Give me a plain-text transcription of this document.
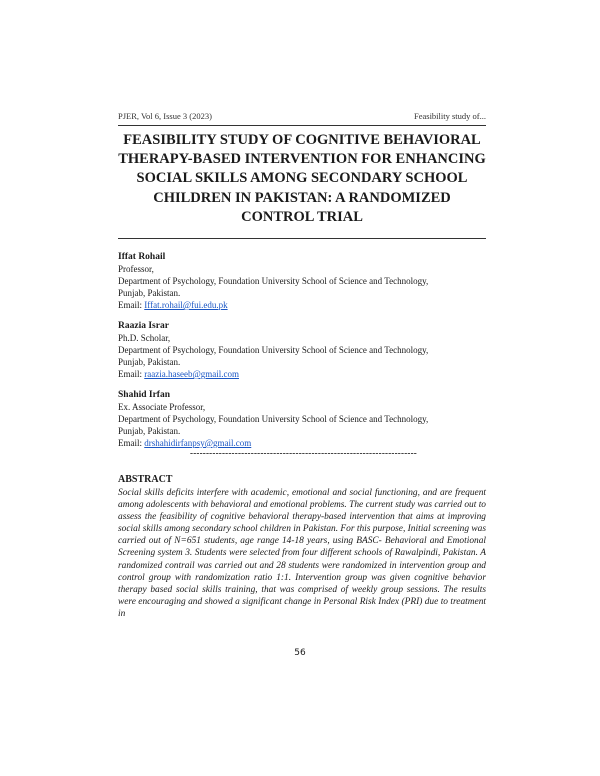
PJER, Vol 6, Issue 3 (2023)	Feasibility study of...
FEASIBILITY STUDY OF COGNITIVE BEHAVIORAL THERAPY-BASED INTERVENTION FOR ENHANCING SOCIAL SKILLS AMONG SECONDARY SCHOOL CHILDREN IN PAKISTAN: A RANDOMIZED CONTROL TRIAL
Iffat Rohail
Professor,
Department of Psychology, Foundation University School of Science and Technology,
Punjab, Pakistan.
Email: Iffat.rohail@fui.edu.pk
Raazia Israr
Ph.D. Scholar,
Department of Psychology, Foundation University School of Science and Technology,
Punjab, Pakistan.
Email: raazia.haseeb@gmail.com
Shahid Irfan
Ex. Associate Professor,
Department of Psychology, Foundation University School of Science and Technology,
Punjab, Pakistan.
Email: drshahidirfanpsy@gmail.com
-----------------------------------------------------------------------
ABSTRACT

Social skills deficits interfere with academic, emotional and social functioning, and are frequent among adolescents with behavioral and emotional problems. The current study was carried out to assess the feasibility of cognitive behavioral therapy-based intervention that aims at improving social skills among secondary school children in Pakistan. For this purpose, Initial screening was carried out of N=651 students, age range 14-18 years, using BASC- Behavioral and Emotional Screening system 3. Students were selected from four different schools of Rawalpindi, Pakistan. A randomized contrail was carried out and 28 students were randomized in intervention group and control group with randomization ratio 1:1. Intervention group was given cognitive behavior therapy based social skills training, that was comprised of weekly group sessions. The results were encouraging and showed a significant change in Personal Risk Index (PRI) due to treatment in

56
